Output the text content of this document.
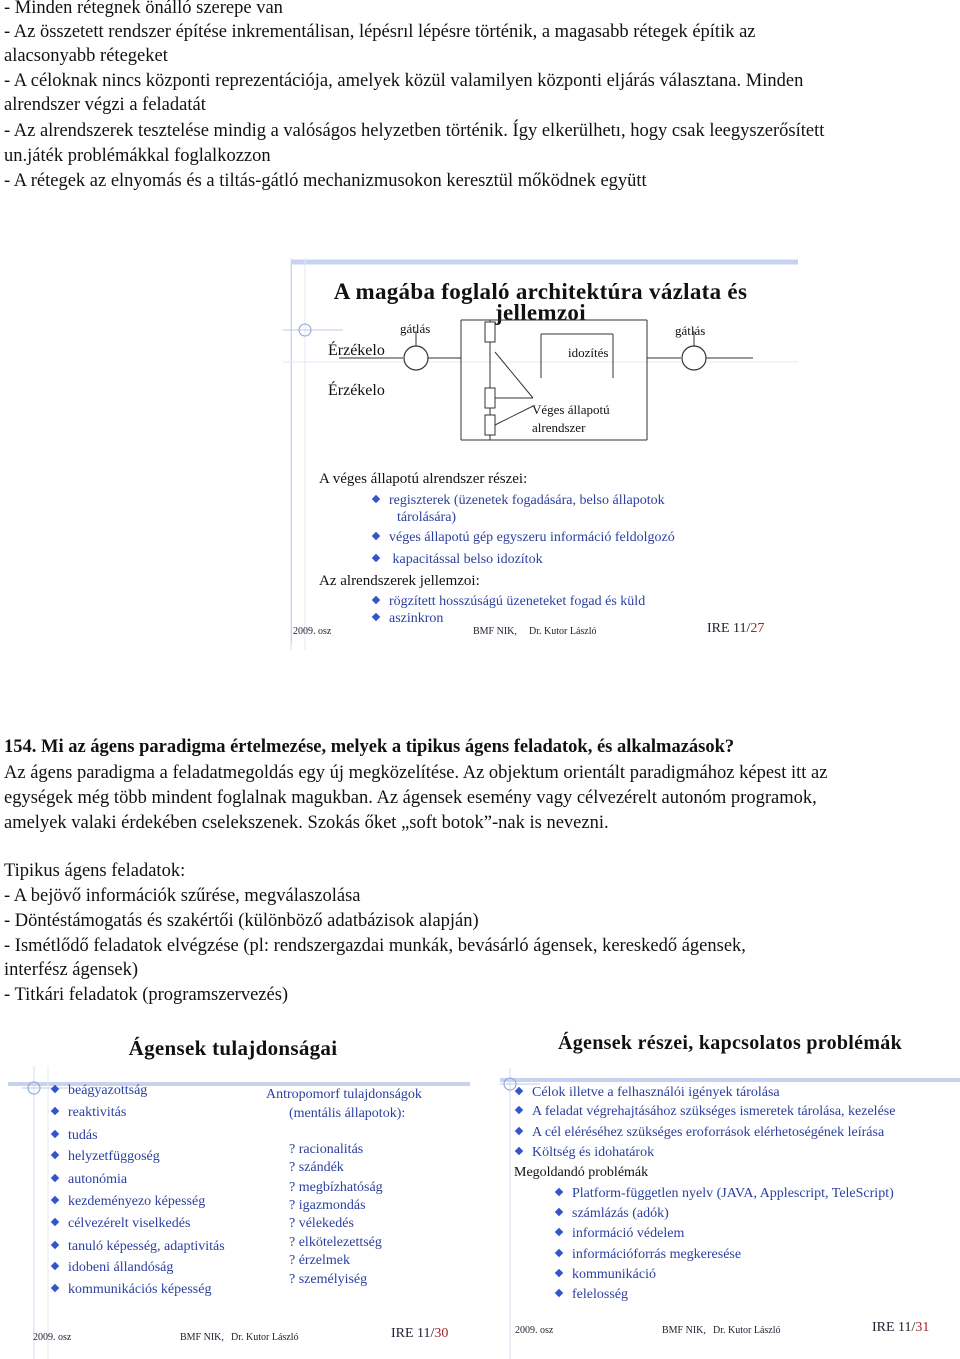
- Minden rétegnek önálló szerepe van
- Az összetett rendszer építése inkrementálisan, lépésrıl lépésre történik, a magasabb rétegek építik az
alacsonyabb rétegeket
- A céloknak nincs központi reprezentációja, amelyek közül valamilyen központi eljárás választana. Minden
alrendszer végzi a feladatát
- Az alrendszerek tesztelése mindig a valóságos helyzetben történik. Így elkerülhetı, hogy csak leegyszerősített
un.játék problémákkal foglalkozzon
- A rétegek az elnyomás és a tiltás-gátló mechanizmusokon keresztül mőködnek együtt
A magába foglaló architektúra vázlata és
jellemzoi
Érzékelo
Érzékelo
gátlás	gátlás
idozítés
Véges állapotú
alrendszer
A véges állapotú alrendszer részei:
regiszterek (üzenetek fogadására, belso állapotok
tárolására)
véges állapotú gép egyszeru információ feldolgozó
kapacitással belso idozítok
Az alrendszerek jellemzoi:
rögzített hosszúságú üzeneteket fogad és küld
aszinkron
2009. osz	BMF NIK, Dr. Kutor László	IRE 11/27
154. Mi az ágens paradigma értelmezése, melyek a tipikus ágens feladatok, és alkalmazások?
Az ágens paradigma a feladatmegoldás egy új megközelítése. Az objektum orientált paradigmához képest itt az
egységek még több mindent foglalnak magukban. Az ágensek esemény vagy célvezérelt autonóm programok,
amelyek valaki érdekében cselekszenek. Szokás őket „soft botok”-nak is nevezni.
Tipikus ágens feladatok:
- A bejövő információk szűrése, megválaszolása
- Döntéstámogatás és szakértői (különböző adatbázisok alapján)
- Ismétlődő feladatok elvégzése (pl: rendszergazdai munkák, bevásárló ágensek, kereskedő ágensek,
interfész ágensek)
- Titkári feladatok (programszervezés)
Ágensek tulajdonságai
beágyazottság
reaktivitás
tudás
helyzetfüggoség
autonómia
kezdeményezo képesség
célvezérelt viselkedés
tanuló képesség, adaptivitás
idobeni állandóság
kommunikációs képesség
Antropomorf tulajdonságok
(mentális állapotok):
? racionalitás
? szándék
? megbízhatóság
? igazmondás
? vélekedés
? elkötelezettség
? érzelmek
? személyiség
2009. osz	BMF NIK, Dr. Kutor László	IRE 11/30
Ágensek részei, kapcsolatos problémák
Célok illetve a felhasználói igények tárolása
A feladat végrehajtásához szükséges ismeretek tárolása, kezelése
A cél eléréséhez szükséges eroforrások elérhetoségének leírása
Költség és idohatárok
Megoldandó problémák
Platform-független nyelv (JAVA, Applescript, TeleScript)
számlázás (adók)
információ védelem
információforrás megkeresése
kommunikáció
felelosség
2009. osz	BMF NIK, Dr. Kutor László	IRE 11/31
